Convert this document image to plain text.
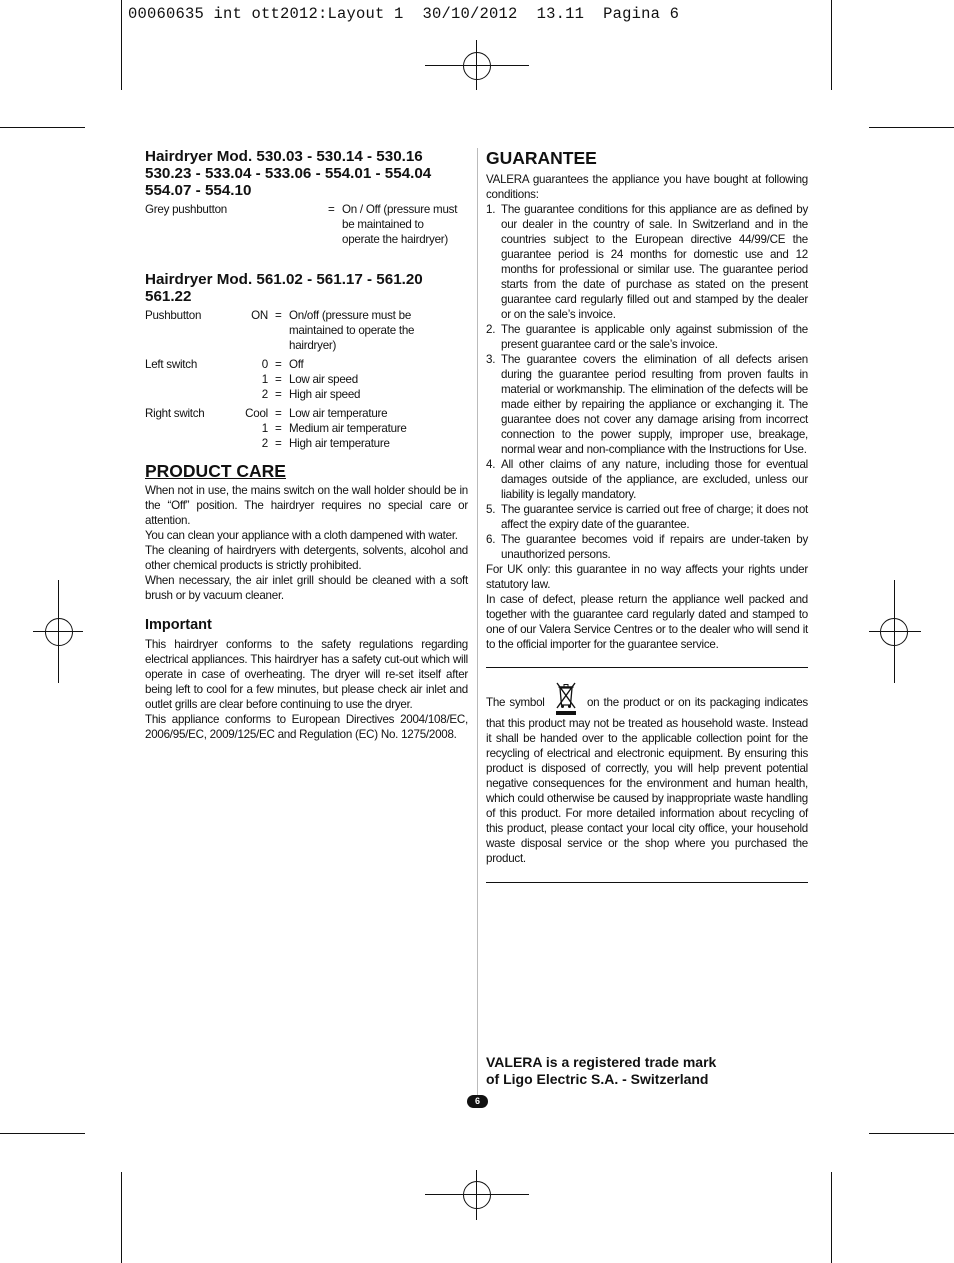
00060635 int ott2012:Layout 1  30/10/2012  13.11  Pagina 6

Hairdryer Mod. 530.03 - 530.14 - 530.16

530.23 - 533.04 - 533.06 - 554.01 - 554.04

554.07 - 554.10

Grey pushbutton	= On / Off (pressure must
be maintained to
operate the hairdryer)

Hairdryer Mod. 561.02 - 561.17 - 561.20

561.22

Pushbutton	ON = On/off (pressure must be
maintained to operate the
hairdryer)
Left switch	0 = Off
1 = Low air speed
2 = High air speed
Right switch	Cool = Low air temperature
1 = Medium air temperature
2 = High air temperature

PRODUCT CARE

When not in use, the mains switch on the wall holder should be in the “Off” position. The hairdryer requires no special care or attention.
You can clean your appliance with a cloth dampened with water.
The cleaning of hairdryers with detergents, solvents, alcohol and other chemical products is strictly prohibited.
When necessary, the air inlet grill should be cleaned with a soft brush or by vacuum cleaner.

Important

This hairdryer conforms to the safety regulations regarding electrical appliances. This hairdryer has a safety cut-out which will operate in case of overheating. The dryer will re-set itself after being left to cool for a few minutes, but please check air inlet and outlet grills are clear before continuing to use the dryer.
This appliance conforms to European Directives 2004/108/EC, 2006/95/EC, 2009/125/EC and Regulation (EC) No. 1275/2008.

GUARANTEE

VALERA guarantees the appliance you have bought at following conditions:
1. The guarantee conditions for this appliance are as defined by our dealer in the country of sale. In Switzerland and in the countries subject to the European directive 44/99/CE the guarantee period is 24 months for domestic use and 12 months for professional or similar use. The guarantee period starts from the date of purchase as stated on the present guarantee card regularly filled out and stamped by the dealer or on the sale’s invoice.
2. The guarantee is applicable only against submission of the present guarantee card or the sale’s invoice.
3. The guarantee covers the elimination of all defects arisen during the guarantee period resulting from proven faults in material or workmanship. The elimination of the defects will be made either by repairing the appliance or exchanging it. The guarantee does not cover any damage arising from incorrect connection to the power supply, improper use, breakage, normal wear and non-compliance with the Instructions for Use.
4. All other claims of any nature, including those for eventual damages outside of the appliance, are excluded, unless our liability is legally mandatory.
5. The guarantee service is carried out free of charge; it does not affect the expiry date of the guarantee.
6. The guarantee becomes void if repairs are under-taken by unauthorized persons.
For UK only: this guarantee in no way affects your rights under statutory law.
In case of defect, please return the appliance well packed and together with the guarantee card regularly dated and stamped to one of our Valera Service Centres or to the dealer who will send it to the official importer for the guarantee service.
The symbol	on the product or on its packaging indicates that this product may not be treated as household waste. Instead it shall be handed over to the applicable collection point for the recycling of electrical and electronic equipment. By ensuring this product is disposed of correctly, you will help prevent potential negative consequences for the environment and human health, which could otherwise be caused by inappropriate waste handling of this product. For more detailed information about recycling of this product, please contact your local city office, your household waste disposal service or the shop where you purchased the product.
VALERA is a registered trade mark
of Ligo Electric S.A. - Switzerland
6
